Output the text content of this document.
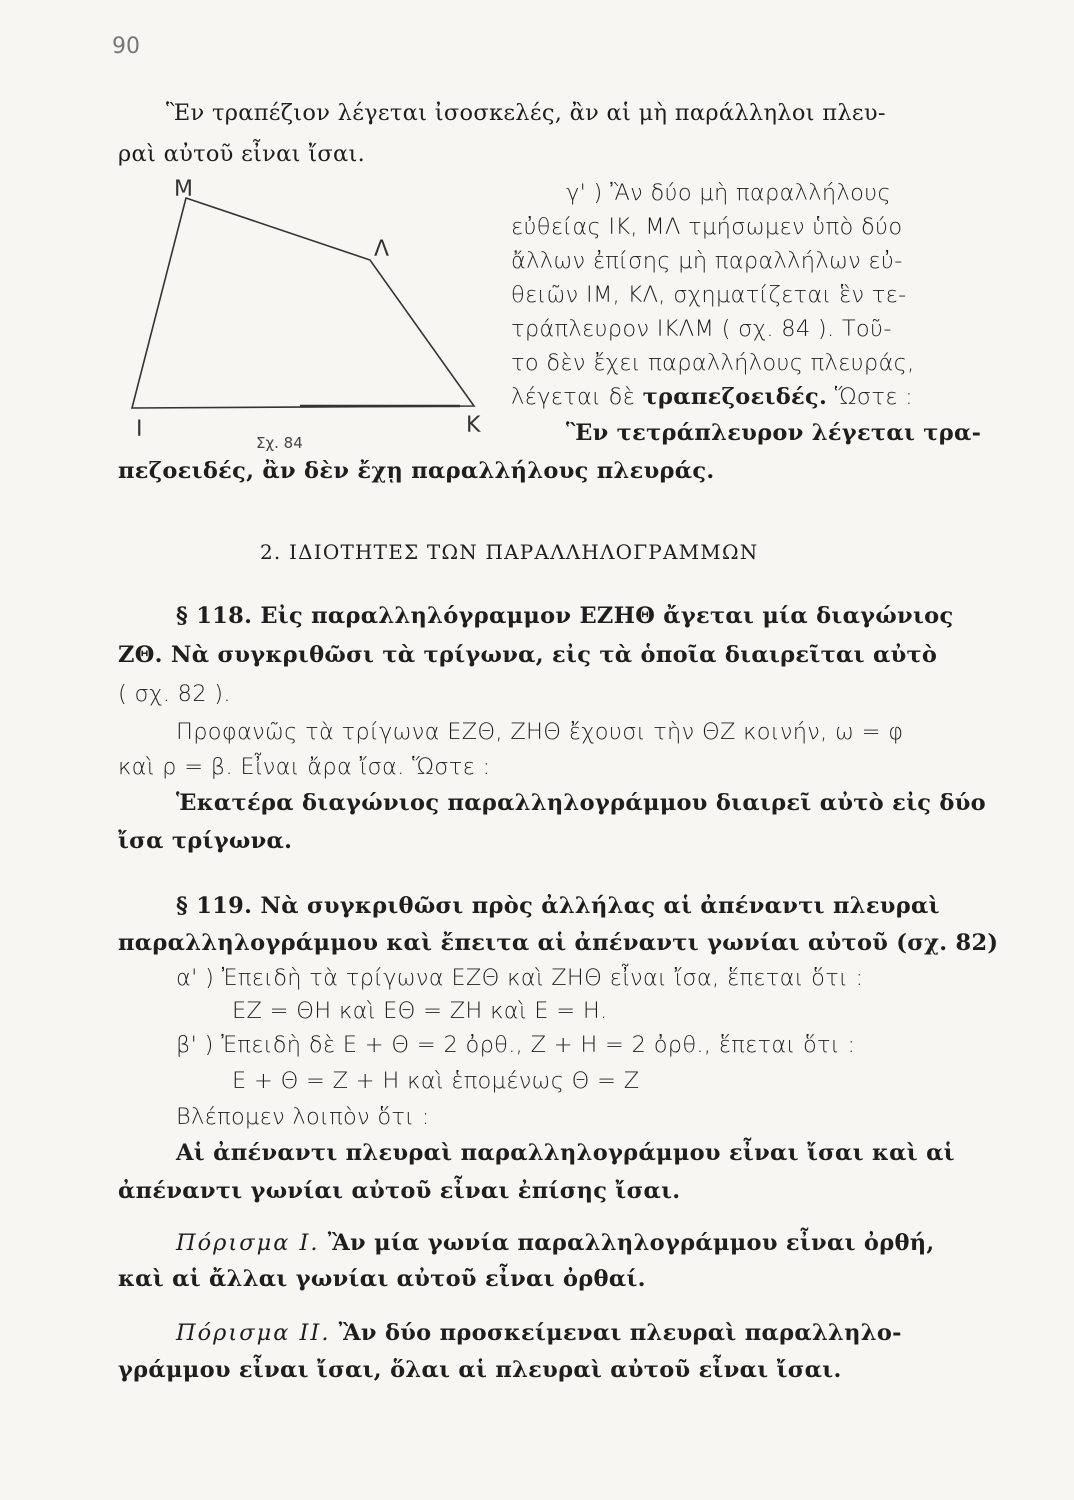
90
Ἓν τραπέζιον λέγεται ἰσοσκελές, ἂν αἱ μὴ παράλληλοι πλευ-
ραὶ αὐτοῦ εἶναι ἴσαι.
Μ
Λ
Ι	Κ
Σχ. 84
γ' ) Ἂν δύο μὴ παραλλήλους
εὐθείας ΙΚ, ΜΛ τμήσωμεν ὑπὸ δύο
ἄλλων ἐπίσης μὴ παραλλήλων εὐ-
θειῶν ΙΜ, ΚΛ, σχηματίζεται ἓν τε-
τράπλευρον ΙΚΛΜ ( σχ. 84 ). Τοῦ-
το δὲν ἔχει παραλλήλους πλευράς,
λέγεται δὲ τραπεζοειδές. Ὥστε :
Ἓν τετράπλευρον λέγεται τρα-
πεζοειδές, ἂν δὲν ἔχῃ παραλλήλους πλευράς.
2. ΙΔΙΟΤΗΤΕΣ ΤΩΝ ΠΑΡΑΛΛΗΛΟΓΡΑΜΜΩΝ
§ 118. Εἰς παραλληλόγραμμον ΕΖΗΘ ἄγεται μία διαγώνιος
ΖΘ. Νὰ συγκριθῶσι τὰ τρίγωνα, εἰς τὰ ὁποῖα διαιρεῖται αὐτὸ
( σχ. 82 ).
Προφανῶς τὰ τρίγωνα ΕΖΘ, ΖΗΘ ἔχουσι τὴν ΘΖ κοινήν, ω = φ
καὶ ρ = β. Εἶναι ἄρα ἴσα. Ὥστε :
Ἑκατέρα διαγώνιος παραλληλογράμμου διαιρεῖ αὐτὸ εἰς δύο
ἴσα τρίγωνα.
§ 119. Νὰ συγκριθῶσι πρὸς ἀλλήλας αἱ ἀπέναντι πλευραὶ
παραλληλογράμμου καὶ ἔπειτα αἱ ἀπέναντι γωνίαι αὐτοῦ (σχ. 82)
α' ) Ἐπειδὴ τὰ τρίγωνα ΕΖΘ καὶ ΖΗΘ εἶναι ἴσα, ἕπεται ὅτι :
ΕΖ = ΘΗ καὶ ΕΘ = ΖΗ καὶ Ε = Η.
β' ) Ἐπειδὴ δὲ Ε + Θ = 2 ὀρθ., Ζ + Η = 2 ὀρθ., ἕπεται ὅτι :
Ε + Θ = Ζ + Η καὶ ἑπομένως Θ = Ζ
Βλέπομεν λοιπὸν ὅτι :
Αἱ ἀπέναντι πλευραὶ παραλληλογράμμου εἶναι ἴσαι καὶ αἱ
ἀπέναντι γωνίαι αὐτοῦ εἶναι ἐπίσης ἴσαι.
Πόρισμα Ι. Ἂν μία γωνία παραλληλογράμμου εἶναι ὀρθή,
καὶ αἱ ἄλλαι γωνίαι αὐτοῦ εἶναι ὀρθαί.
Πόρισμα ΙΙ. Ἂν δύο προσκείμεναι πλευραὶ παραλληλο-
γράμμου εἶναι ἴσαι, ὅλαι αἱ πλευραὶ αὐτοῦ εἶναι ἴσαι.
